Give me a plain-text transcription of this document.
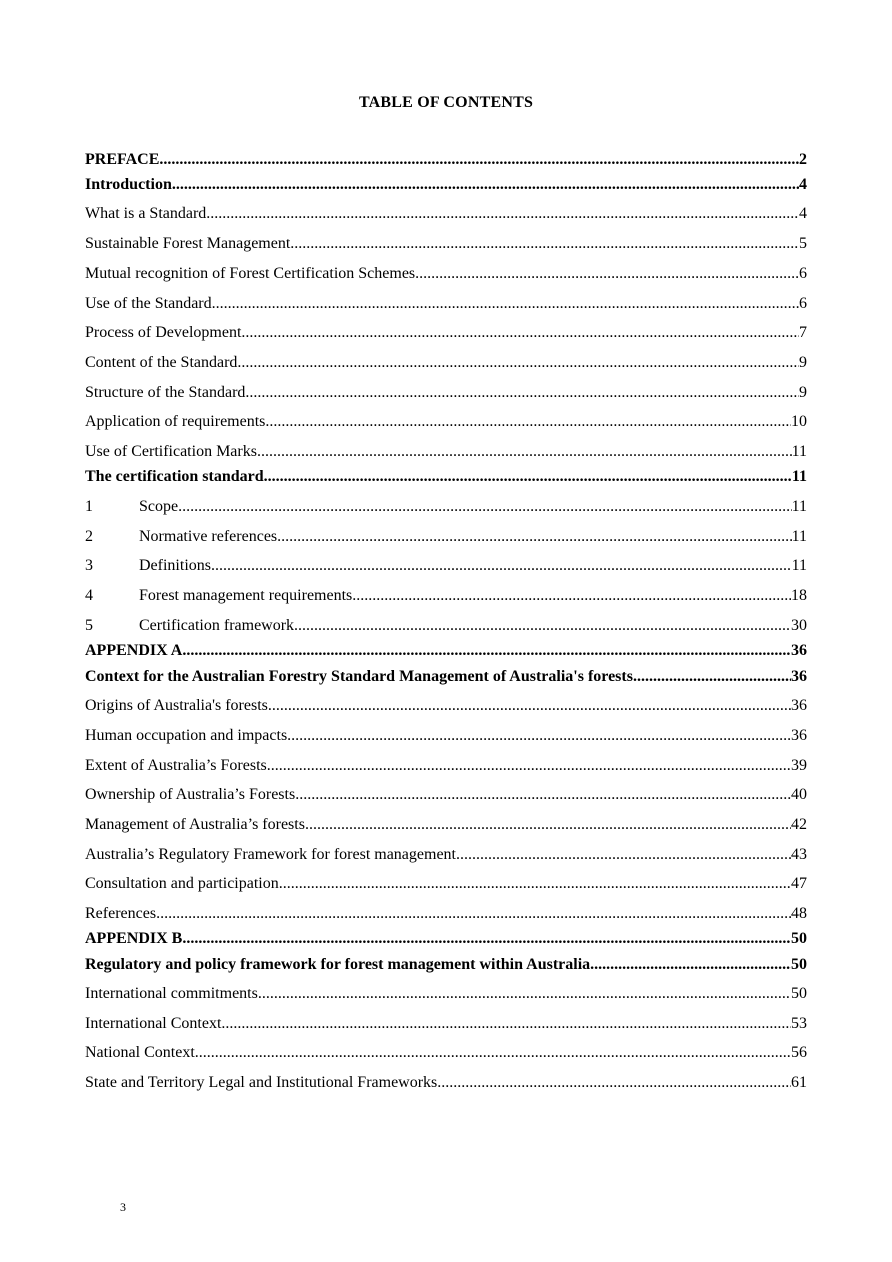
TABLE OF CONTENTS
PREFACE .....	2
Introduction .....	4
What is a Standard .....	4
Sustainable Forest Management .....	5
Mutual recognition of Forest Certification Schemes .....	6
Use of the Standard .....	6
Process of Development .....	7
Content of the Standard .....	9
Structure of the Standard .....	9
Application of requirements .....	10
Use of Certification Marks .....	11
The certification standard .....	11
1	Scope .....	11
2	Normative references .....	11
3	Definitions .....	11
4	Forest management requirements .....	18
5	Certification framework .....	30
APPENDIX A .....	36
Context for the Australian Forestry Standard Management of Australia's forests .....	36
Origins of Australia's forests .....	36
Human occupation and impacts .....	36
Extent of Australia’s Forests .....	39
Ownership of Australia’s Forests .....	40
Management of Australia’s forests .....	42
Australia’s Regulatory Framework for forest management .....	43
Consultation and participation .....	47
References .....	48
APPENDIX B .....	50
Regulatory and policy framework for forest management within Australia .....	50
International commitments .....	50
International Context .....	53
National Context .....	56
State and Territory Legal and Institutional Frameworks .....	61
3
